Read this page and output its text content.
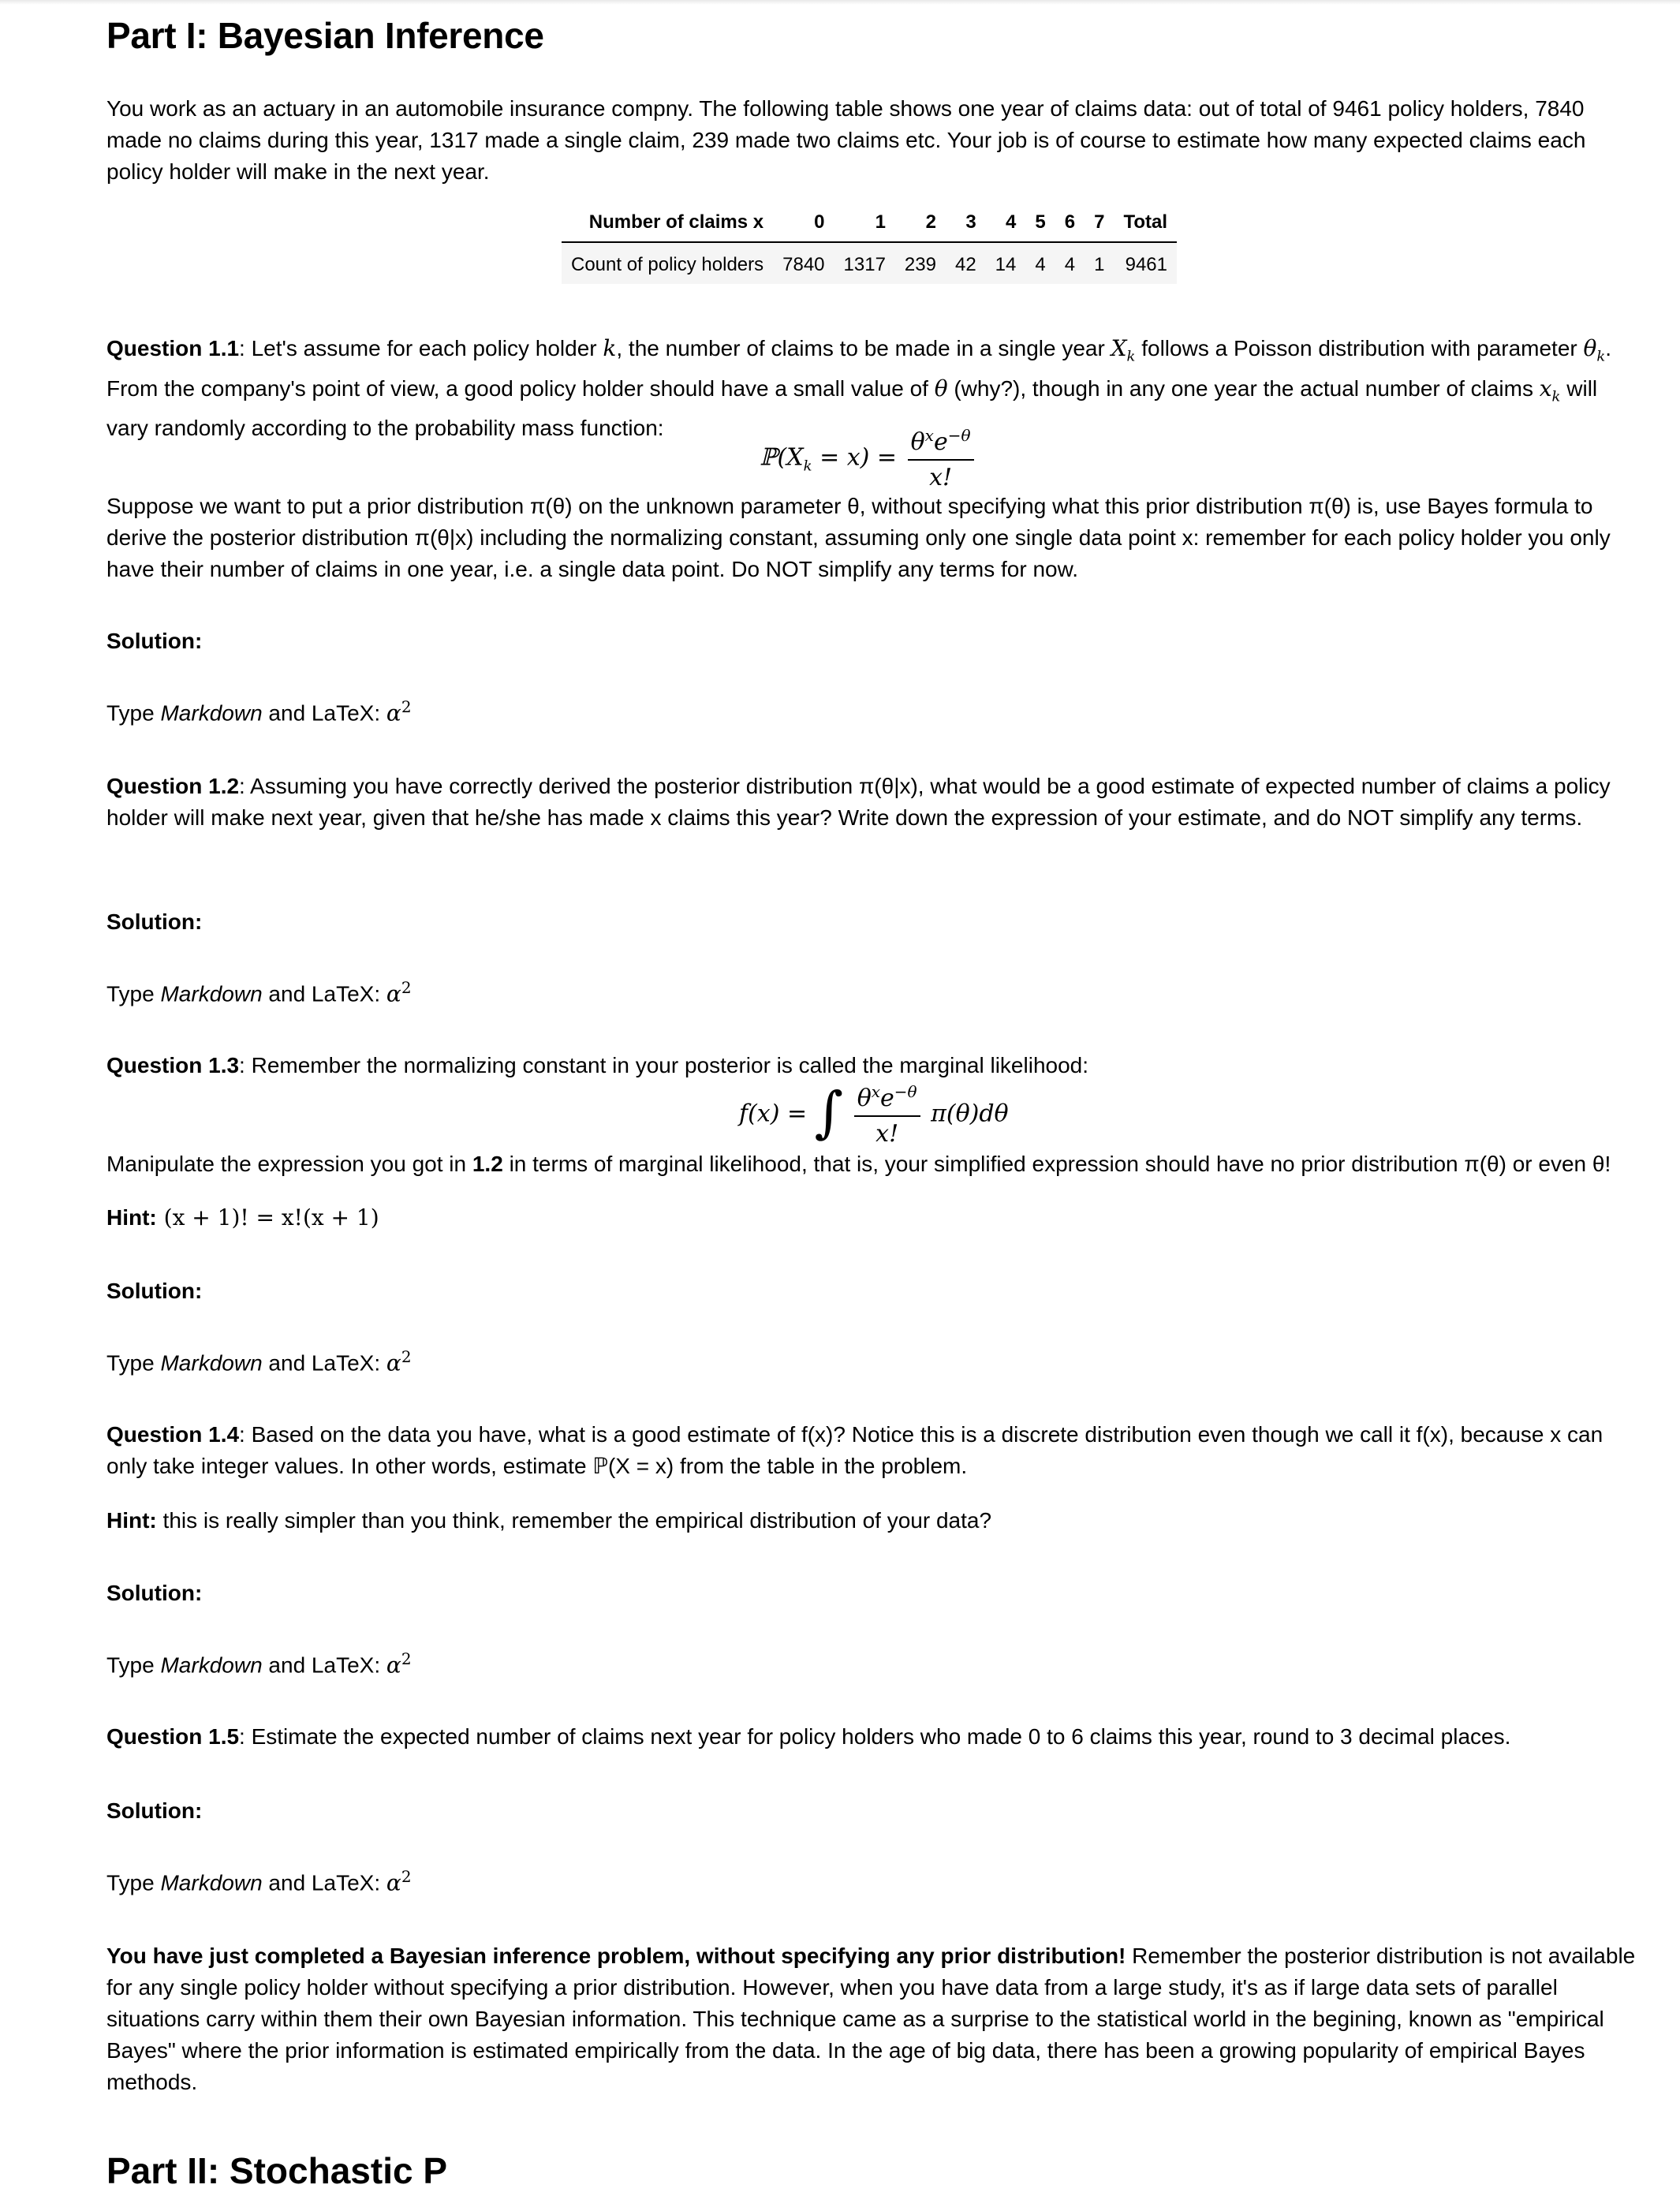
Part I: Bayesian Inference

You work as an actuary in an automobile insurance compny. The following table shows one year of claims data: out of total of 9461 policy holders, 7840 made no claims during this year, 1317 made a single claim, 239 made two claims etc. Your job is of course to estimate how many expected claims each policy holder will make in the next year.

Number of claims x	0	1	2	3	4	5	6	7	Total
Count of policy holders	7840	1317	239	42	14	4	4	1	9461

Question 1.1: Let's assume for each policy holder k, the number of claims to be made in a single year $X_k$ follows a Poisson distribution with parameter $\theta_k$. From the company's point of view, a good policy holder should have a small value of θ (why?), though in any one year the actual number of claims $x_k$ will vary randomly according to the probability mass function:

$ℙ(X_k = x) = \frac{\theta^xe^{-\theta}}{x!}$

Suppose we want to put a prior distribution π(θ) on the unknown parameter θ, without specifying what this prior distribution π(θ) is, use Bayes formula to derive the posterior distribution π(θ|x) including the normalizing constant, assuming only one single data point x: remember for each policy holder you only have their number of claims in one year, i.e. a single data point. Do NOT simplify any terms for now.

Solution:

Type Markdown and LaTeX: $\alpha^2$

Question 1.2: Assuming you have correctly derived the posterior distribution π(θ|x), what would be a good estimate of expected number of claims a policy holder will make next year, given that he/she has made x claims this year? Write down the expression of your estimate, and do NOT simplify any terms.

Solution:

Type Markdown and LaTeX: $\alpha^2$

Question 1.3: Remember the normalizing constant in your posterior is called the marginal likelihood:

f(x) = ∫ $\frac{\theta^xe^{-\theta}}{x!} \pi(\theta)d\theta$

Manipulate the expression you got in 1.2 in terms of marginal likelihood, that is, your simplified expression should have no prior distribution π(θ) or even θ!

Hint: (x + 1)! = x!(x + 1)

Solution:

Type Markdown and LaTeX: $\alpha^2$

Question 1.4: Based on the data you have, what is a good estimate of f(x)? Notice this is a discrete distribution even though we call it f(x), because x can only take integer values. In other words, estimate ℙ(X = x) from the table in the problem.

Hint: this is really simpler than you think, remember the empirical distribution of your data?

Solution:

Type Markdown and LaTeX: $\alpha^2$

Question 1.5: Estimate the expected number of claims next year for policy holders who made 0 to 6 claims this year, round to 3 decimal places.

Solution:

Type Markdown and LaTeX: $\alpha^2$

You have just completed a Bayesian inference problem, without specifying any prior distribution! Remember the posterior distribution is not available for any single policy holder without specifying a prior distribution. However, when you have data from a large study, it's as if large data sets of parallel situations carry within them their own Bayesian information. This technique came as a surprise to the statistical world in the begining, known as "empirical Bayes" where the prior information is estimated empirically from the data. In the age of big data, there has been a growing popularity of empirical Bayes methods.

Part II: Stochastic P
